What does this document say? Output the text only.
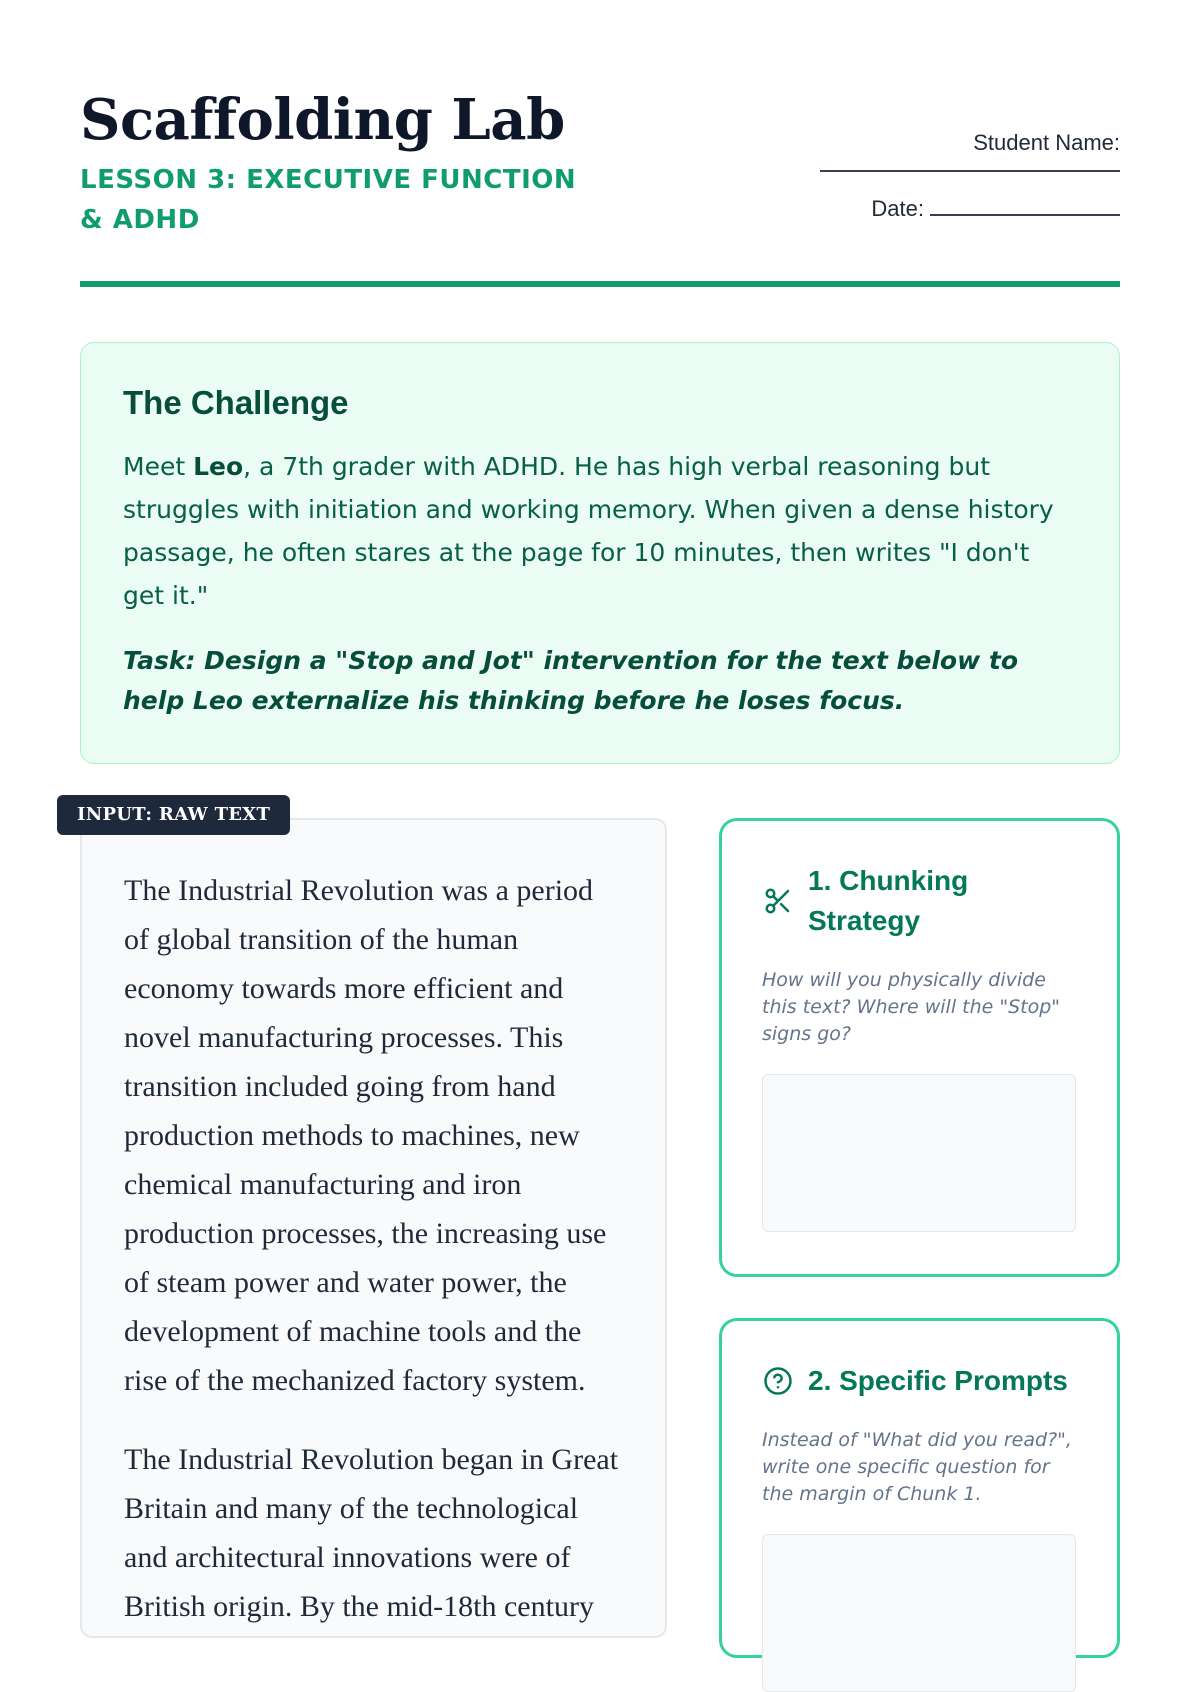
Scaffolding Lab

LESSON 3: EXECUTIVE FUNCTION & ADHD

Student Name:
Date:
The Challenge

Meet Leo, a 7th grader with ADHD. He has high verbal reasoning but struggles with initiation and working memory. When given a dense history passage, he often stares at the page for 10 minutes, then writes "I don't get it."

Task: Design a "Stop and Jot" intervention for the text below to help Leo externalize his thinking before he loses focus.

The Industrial Revolution was a period of global transition of the human economy towards more efficient and novel manufacturing processes. This transition included going from hand production methods to machines, new chemical manufacturing and iron production processes, the increasing use of steam power and water power, the development of machine tools and the rise of the mechanized factory system.

The Industrial Revolution began in Great Britain and many of the technological and architectural innovations were of British origin. By the mid-18th century

INPUT: RAW TEXT
1. Chunking Strategy

How will you physically divide this text? Where will the "Stop" signs go?

2. Specific Prompts

Instead of "What did you read?", write one specific question for the margin of Chunk 1.
